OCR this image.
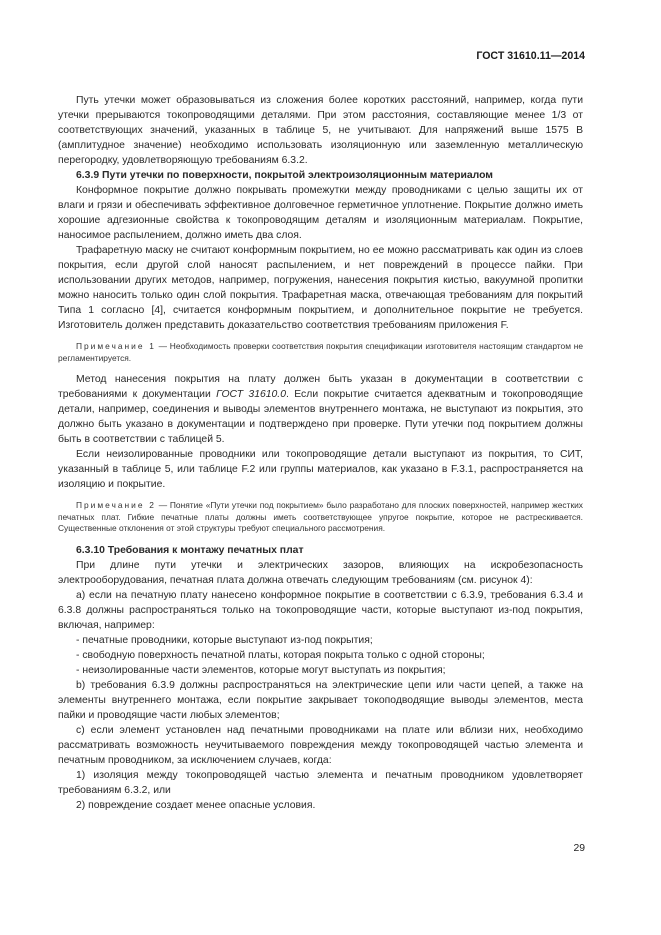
ГОСТ 31610.11—2014

Путь утечки может образовываться из сложения более коротких расстояний, например, когда пути утечки прерываются токопроводящими деталями. При этом расстояния, составляющие менее 1/3 от соответствующих значений, указанных в таблице 5, не учитывают. Для напряжений выше 1575 В (амплитудное значение) необходимо использовать изоляционную или заземленную металлическую перегородку, удовлетворяющую требованиям 6.3.2.

6.3.9 Пути утечки по поверхности, покрытой электроизоляционным материалом

Конформное покрытие должно покрывать промежутки между проводниками с целью защиты их от влаги и грязи и обеспечивать эффективное долговечное герметичное уплотнение. Покрытие должно иметь хорошие адгезионные свойства к токопроводящим деталям и изоляционным материалам. Покрытие, наносимое распылением, должно иметь два слоя.

Трафаретную маску не считают конформным покрытием, но ее можно рассматривать как один из слоев покрытия, если другой слой наносят распылением, и нет повреждений в процессе пайки. При использовании других методов, например, погружения, нанесения покрытия кистью, вакуумной пропитки можно наносить только один слой покрытия. Трафаретная маска, отвечающая требованиям для покрытий Типа 1 согласно [4], считается конформным покрытием, и дополнительное покрытие не требуется. Изготовитель должен представить доказательство соответствия требованиям приложения F.

Примечание 1 — Необходимость проверки соответствия покрытия спецификации изготовителя настоящим стандартом не регламентируется.

Метод нанесения покрытия на плату должен быть указан в документации в соответствии с требованиями к документации ГОСТ 31610.0. Если покрытие считается адекватным и токопроводящие детали, например, соединения и выводы элементов внутреннего монтажа, не выступают из покрытия, это должно быть указано в документации и подтверждено при проверке. Пути утечки под покрытием должны быть в соответствии с таблицей 5.

Если неизолированные проводники или токопроводящие детали выступают из покрытия, то СИТ, указанный в таблице 5, или таблице F.2 или группы материалов, как указано в F.3.1, распространяется на изоляцию и покрытие.

Примечание 2 — Понятие «Пути утечки под покрытием» было разработано для плоских поверхностей, например жестких печатных плат. Гибкие печатные платы должны иметь соответствующее упругое покрытие, которое не растрескивается. Существенные отклонения от этой структуры требуют специального рассмотрения.
6.3.10 Требования к монтажу печатных плат

При длине пути утечки и электрических зазоров, влияющих на искробезопасность электрооборудования, печатная плата должна отвечать следующим требованиям (см. рисунок 4):

а) если на печатную плату нанесено конформное покрытие в соответствии с 6.3.9, требования 6.3.4 и 6.3.8 должны распространяться только на токопроводящие части, которые выступают из-под покрытия, включая, например:

- печатные проводники, которые выступают из-под покрытия;

- свободную поверхность печатной платы, которая покрыта только с одной стороны;

- неизолированные части элементов, которые могут выступать из покрытия;

b) требования 6.3.9 должны распространяться на электрические цепи или части цепей, а также на элементы внутреннего монтажа, если покрытие закрывает токоподводящие выводы элементов, места пайки и проводящие части любых элементов;

c) если элемент установлен над печатными проводниками на плате или вблизи них, необходимо рассматривать возможность неучитываемого повреждения между токопроводящей частью элемента и печатным проводником, за исключением случаев, когда:

1) изоляция между токопроводящей частью элемента и печатным проводником удовлетворяет требованиям 6.3.2, или

2) повреждение создает менее опасные условия.

29
